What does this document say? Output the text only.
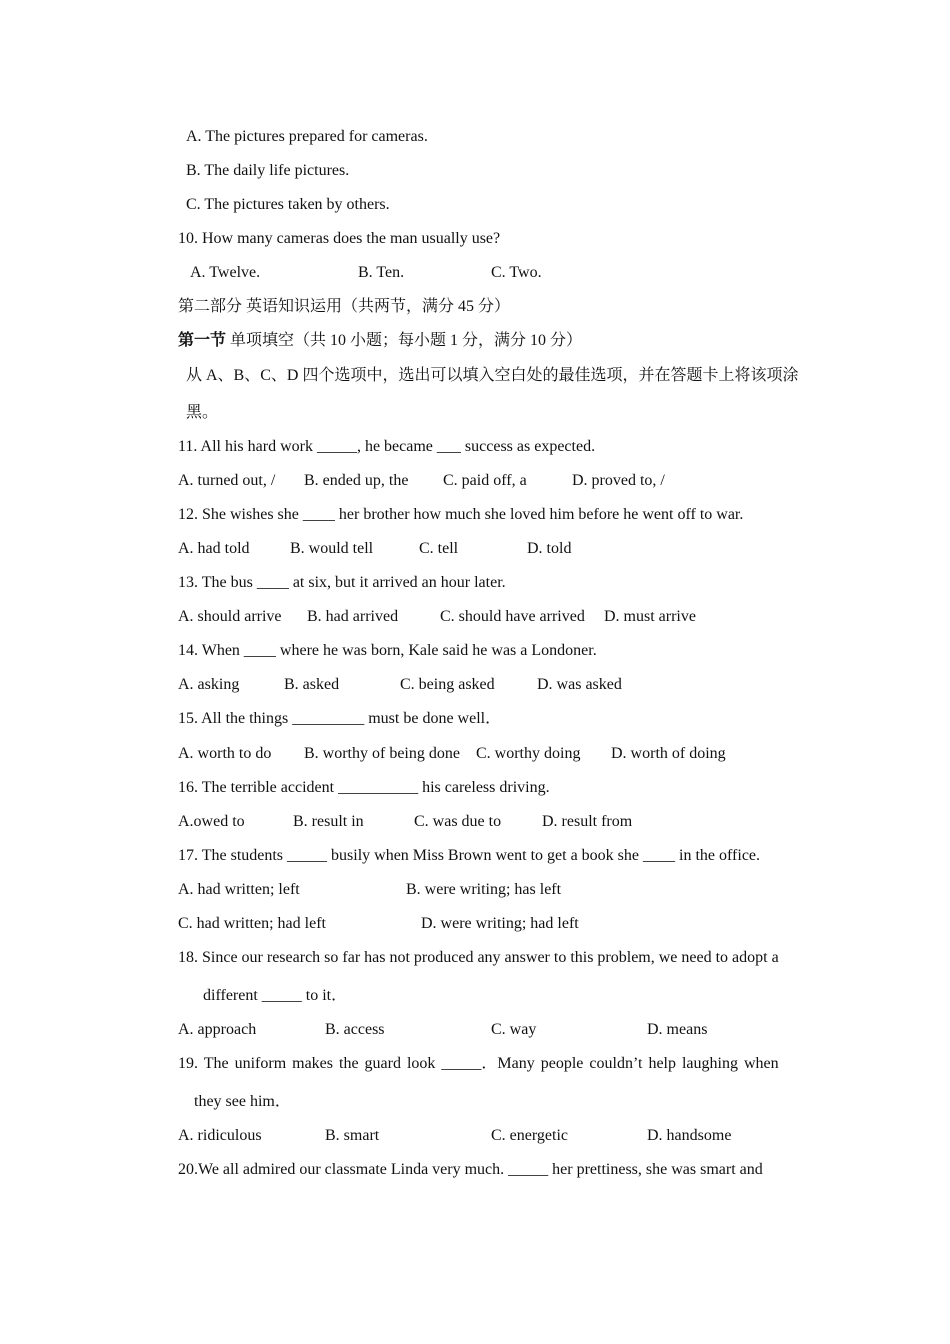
A. The pictures prepared for cameras.
B. The daily life pictures.
C. The pictures taken by others.
10. How many cameras does the man usually use?
A. Twelve.	B. Ten.	C. Two.
第二部分 英语知识运用（共两节，满分 45 分）
第一节 单项填空（共 10 小题；每小题 1 分，满分 10 分）
从 A、B、C、D 四个选项中，选出可以填入空白处的最佳选项，并在答题卡上将该项涂
黑。
11. All his hard work _____, he became ___ success as expected.
A. turned out, / B. ended up, the C. paid off, a	D. proved to, /
12. She wishes she ____ her brother how much she loved him before he went off to war.
A. had told	B. would tell	C. tell	D. told
13. The bus ____ at six, but it arrived an hour later.
A. should arrive B. had arrived	C. should have arrived D. must arrive
14. When ____ where he was born, Kale said he was a Londoner.
A. asking	B. asked	C. being asked	D. was asked
15. All the things _________ must be done well．
A. worth to do B. worthy of being done C. worthy doing D. worth of doing
16. The terrible accident __________ his careless driving.
A.owed to	B. result in	C. was due to	D. result from
17. The students _____ busily when Miss Brown went to get a book she ____ in the office.
A. had written; left	B. were writing; has left
C. had written; had left	D. were writing; had left
18. Since our research so far has not produced any answer to this problem, we need to adopt a
different _____ to it．
A. approach	B. access	C. way	D. means
19. The uniform makes the guard look _____．Many people couldn’t help laughing when
they see him．
A. ridiculous	B. smart	C. energetic	D. handsome
20.We all admired our classmate Linda very much. _____ her prettiness, she was smart and
